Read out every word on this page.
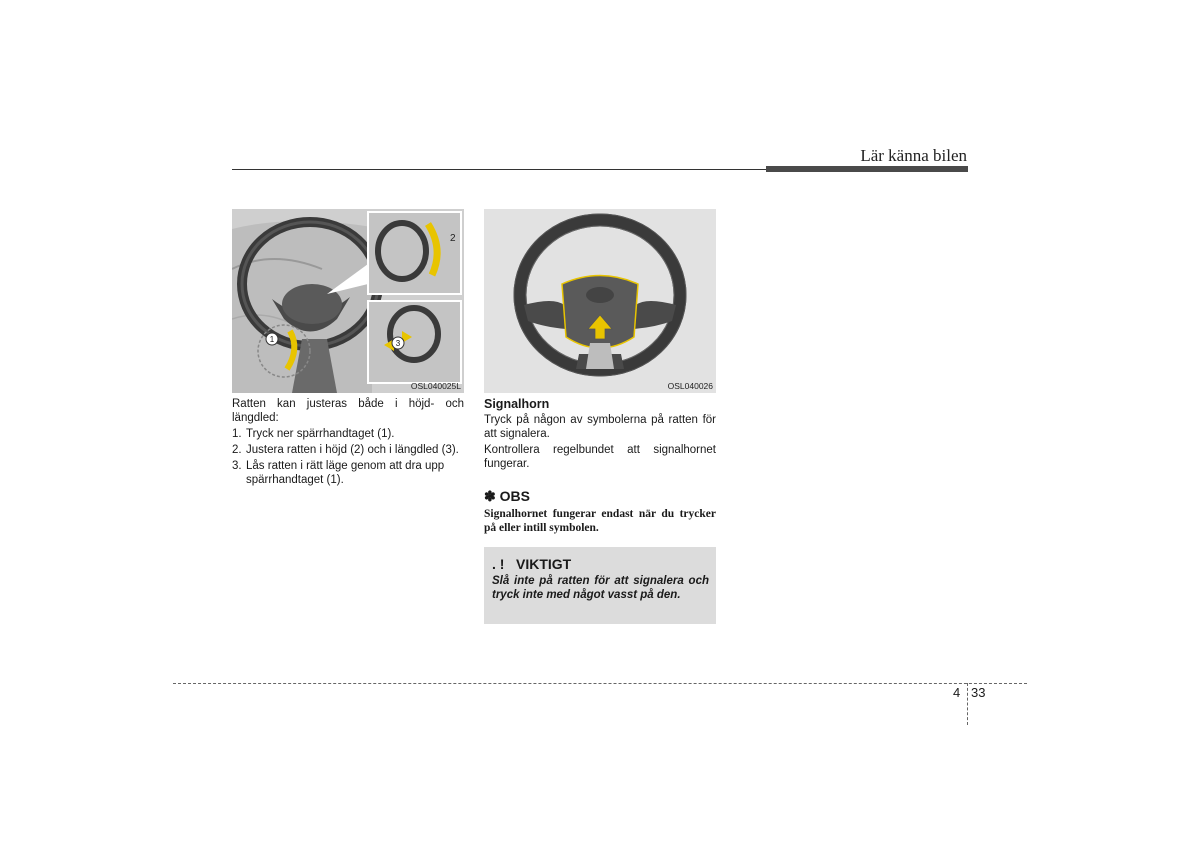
Lär känna bilen
1
2
3
OSL040025L	OSL040026
Ratten kan justeras både i höjd- och längdled:
1. Tryck ner spärrhandtaget (1).
2. Justera ratten i höjd (2) och i längdled (3).
3. Lås ratten i rätt läge genom att dra upp spärrhandtaget (1).
Signalhorn
Tryck på någon av symbolerna på ratten för att signalera.
Kontrollera regelbundet att signalhornet fungerar.
✽ OBS
Signalhornet fungerar endast när du trycker på eller intill symbolen.
. ! VIKTIGT
Slå inte på ratten för att signalera och tryck inte med något vasst på den.
4 33
